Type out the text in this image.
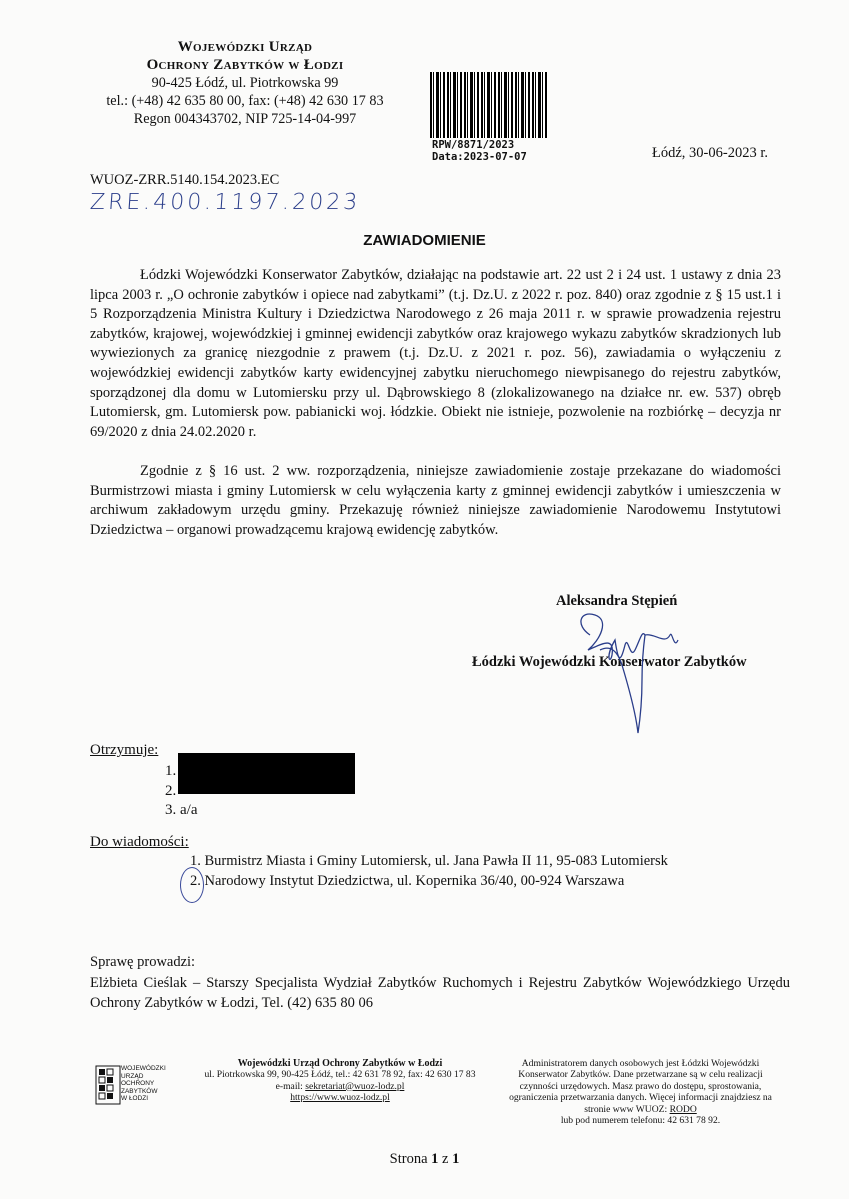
Wojewódzki Urząd
Ochrony Zabytków w Łodzi
90-425 Łódź, ul. Piotrkowska 99
tel.: (+48) 42 635 80 00, fax: (+48) 42 630 17 83
Regon 004343702, NIP 725-14-04-997
RPW/8871/2023
Data:2023-07-07	Łódź, 30-06-2023 r.
WUOZ-ZRR.5140.154.2023.EC
ZRE.400.1197.2023
ZAWIADOMIENIE
Łódzki Wojewódzki Konserwator Zabytków, działając na podstawie art. 22 ust 2 i 24 ust. 1 ustawy z dnia 23 lipca 2003 r. „O ochronie zabytków i opiece nad zabytkami” (t.j. Dz.U. z 2022 r. poz. 840) oraz zgodnie z § 15 ust.1 i 5 Rozporządzenia Ministra Kultury i Dziedzictwa Narodowego z 26 maja 2011 r. w sprawie prowadzenia rejestru zabytków, krajowej, wojewódzkiej i gminnej ewidencji zabytków oraz krajowego wykazu zabytków skradzionych lub wywiezionych za granicę niezgodnie z prawem (t.j. Dz.U. z 2021 r. poz. 56), zawiadamia o wyłączeniu z wojewódzkiej ewidencji zabytków karty ewidencyjnej zabytku nieruchomego niewpisanego do rejestru zabytków, sporządzonej dla domu w Lutomiersku przy ul. Dąbrowskiego 8 (zlokalizowanego na działce nr. ew. 537) obręb Lutomiersk, gm. Lutomiersk pow. pabianicki woj. łódzkie. Obiekt nie istnieje, pozwolenie na rozbiórkę – decyzja nr 69/2020 z dnia 24.02.2020 r.
Zgodnie z § 16 ust. 2 ww. rozporządzenia, niniejsze zawiadomienie zostaje przekazane do wiadomości Burmistrzowi miasta i gminy Lutomiersk w celu wyłączenia karty z gminnej ewidencji zabytków i umieszczenia w archiwum zakładowym urzędu gminy. Przekazuję również niniejsze zawiadomienie Narodowemu Instytutowi Dziedzictwa – organowi prowadzącemu krajową ewidencję zabytków.
Aleksandra Stępień
Łódzki Wojewódzki Konserwator Zabytków
Otrzymuje:
1.
2.
3. a/a
Do wiadomości:
1. Burmistrz Miasta i Gminy Lutomiersk, ul. Jana Pawła II 11, 95-083 Lutomiersk
2. Narodowy Instytut Dziedzictwa, ul. Kopernika 36/40, 00-924 Warszawa
Sprawę prowadzi:
Elżbieta Cieślak – Starszy Specjalista Wydział Zabytków Ruchomych i Rejestru Zabytków Wojewódzkiego Urzędu Ochrony Zabytków w Łodzi, Tel. (42) 635 80 06
WOJEWÓDZKI
URZĄD
OCHRONY
ZABYTKÓW
W ŁODZI
Wojewódzki Urząd Ochrony Zabytków w Łodzi
ul. Piotrkowska 99, 90-425 Łódź, tel.: 42 631 78 92, fax: 42 630 17 83
e-mail: sekretariat@wuoz-lodz.pl
https://www.wuoz-lodz.pl
Administratorem danych osobowych jest Łódzki Wojewódzki Konserwator Zabytków. Dane przetwarzane są w celu realizacji czynności urzędowych. Masz prawo do dostępu, sprostowania, ograniczenia przetwarzania danych. Więcej informacji znajdziesz na stronie www WUOZ: RODO
lub pod numerem telefonu: 42 631 78 92.
Strona 1 z 1
